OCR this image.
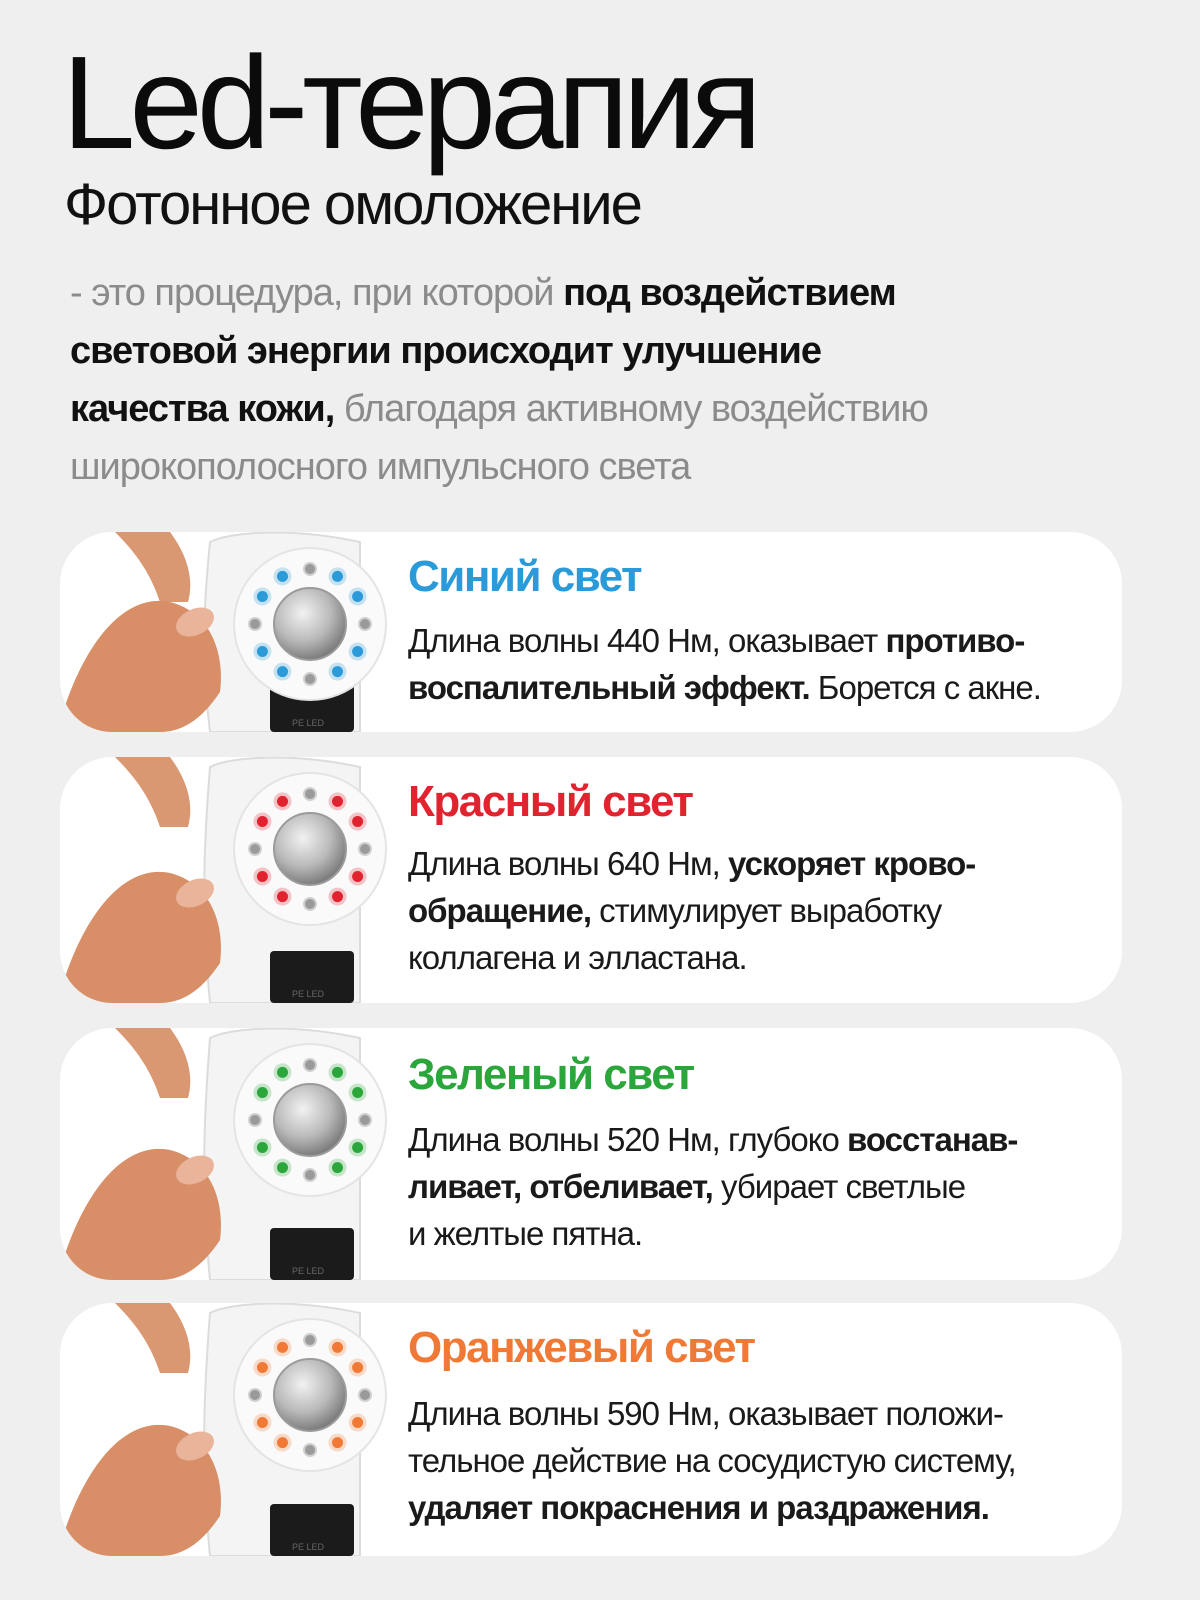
Led-терапия
Фотонное омоложение
- это процедура, при которой под воздействием
световой энергии происходит улучшение
качества кожи, благодаря активному воздействию
широкополосного импульсного света
PE LED
Синий свет
Длина волны 440 Нм, оказывает противо-
воспалительный эффект. Борется с акне.
PE LED
Красный свет
Длина волны 640 Нм, ускоряет крово-
обращение, стимулирует выработку
коллагена и элластана.
PE LED
Зеленый свет
Длина волны 520 Нм, глубоко восстанав-
ливает, отбеливает, убирает светлые
и желтые пятна.
PE LED
Оранжевый свет
Длина волны 590 Нм, оказывает положи-
тельное действие на сосудистую систему,
удаляет покраснения и раздражения.
